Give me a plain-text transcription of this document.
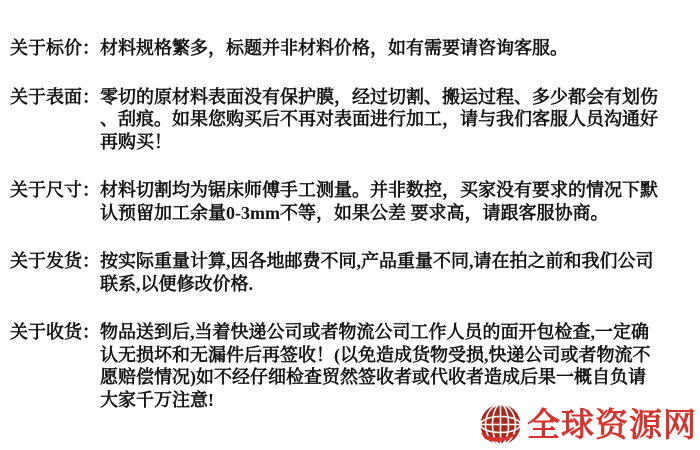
关于标价： 材料规格繁多，标题并非材料价格，如有需要请咨询客服。
关于表面： 零切的原材料表面没有保护膜，经过切割、搬运过程、多少都会有划伤
、刮痕。如果您购买后不再对表面进行加工，请与我们客服人员沟通好
再购买！
关于尺寸： 材料切割均为锯床师傅手工测量。并非数控，买家没有要求的情况下默
认预留加工余量0-3mm不等，如果公差 要求高，请跟客服协商。
关于发货： 按实际重量计算,因各地邮费不同,产品重量不同,请在拍之前和我们公司
联系,以便修改价格.
关于收货： 物品送到后,当着快递公司或者物流公司工作人员的面开包检查,一定确
认无损坏和无漏件后再签收！(以免造成货物受损,快递公司或者物流不
愿赔偿情况)如不经仔细检查贸然签收者或代收者造成后果一概自负请
大家千万注意!
全球资源网
